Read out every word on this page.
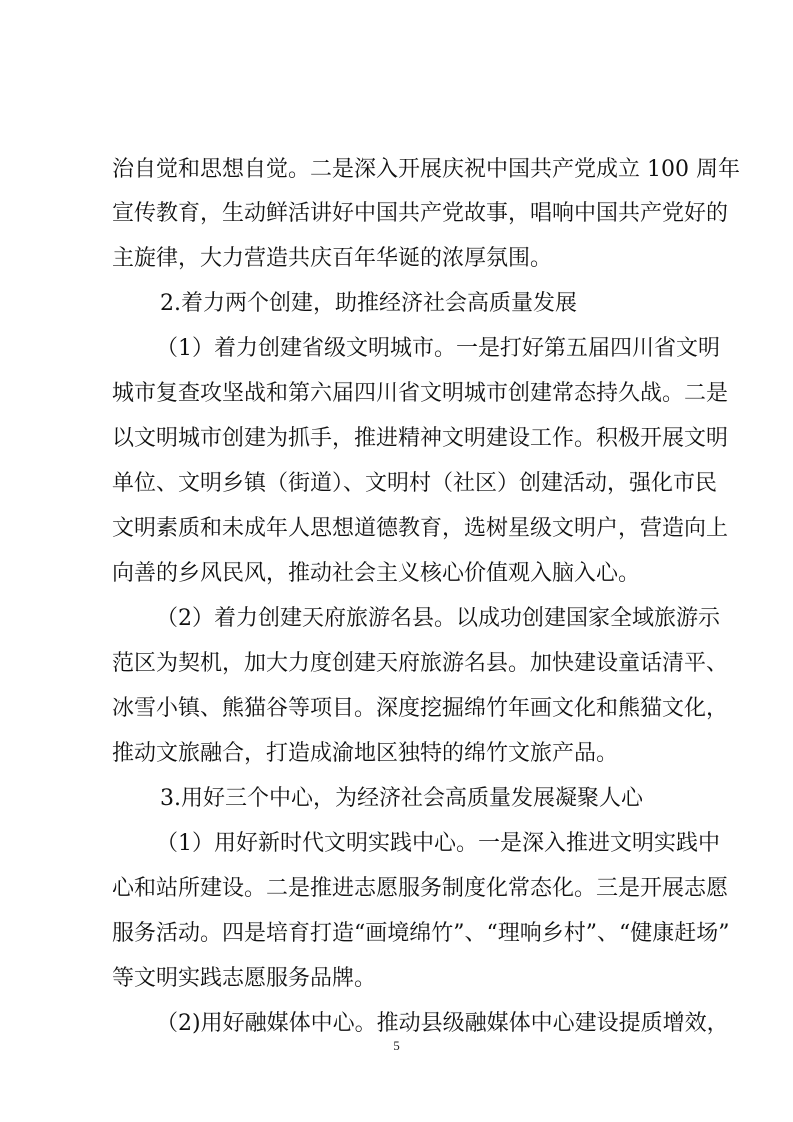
治自觉和思想自觉。二是深入开展庆祝中国共产党成立 100 周年
宣传教育，生动鲜活讲好中国共产党故事，唱响中国共产党好的
主旋律，大力营造共庆百年华诞的浓厚氛围。
2.着力两个创建，助推经济社会高质量发展
（1）着力创建省级文明城市。一是打好第五届四川省文明
城市复查攻坚战和第六届四川省文明城市创建常态持久战。二是
以文明城市创建为抓手，推进精神文明建设工作。积极开展文明
单位、文明乡镇（街道）、文明村（社区）创建活动，强化市民
文明素质和未成年人思想道德教育，选树星级文明户，营造向上
向善的乡风民风，推动社会主义核心价值观入脑入心。
（2）着力创建天府旅游名县。以成功创建国家全域旅游示
范区为契机，加大力度创建天府旅游名县。加快建设童话清平、
冰雪小镇、熊猫谷等项目。深度挖掘绵竹年画文化和熊猫文化，
推动文旅融合，打造成渝地区独特的绵竹文旅产品。
3.用好三个中心，为经济社会高质量发展凝聚人心
（1）用好新时代文明实践中心。一是深入推进文明实践中
心和站所建设。二是推进志愿服务制度化常态化。三是开展志愿
服务活动。四是培育打造“画境绵竹”、“理响乡村”、“健康赶场”
等文明实践志愿服务品牌。
（2)用好融媒体中心。推动县级融媒体中心建设提质增效，
5
